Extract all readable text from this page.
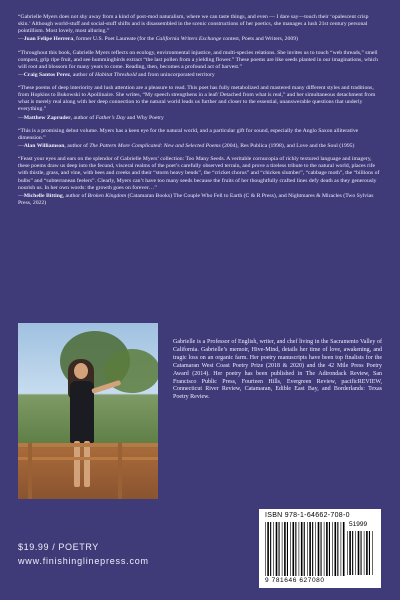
“Gabrielle Myers does not shy away from a kind of post-mod naturalism, where we can taste things, and even — I dare say—touch their ‘opalescent crisp skin.’ Although world-stuff and social-stuff shifts and is disassembled in the scenic constructions of her poetics, she manages a lush 21st century personal pointillism. Most lovely, most alluring.”

—Juan Felipe Herrera, former U.S. Poet Laureate (for the California Writers Exchange contest, Poets and Writers, 2009)

“Throughout this book, Gabrielle Myers reflects on ecology, environmental injustice, and multi-species relations. She invites us to touch “web threads,” smell compost, grip ripe fruit, and see hummingbirds extract “the last pollen from a yielding flower.” These poems are like seeds planted in our imaginations, which will root and blossom for many years to come. Reading, then, becomes a profound act of harvest.”

—Craig Santos Perez, author of Habitat Threshold and from unincorporated territory

“These poems of deep interiority and lush attention are a pleasure to read. This poet has fully metabolized and mastered many different styles and traditions, from Hopkins to Bukowski to Apollinaire. She writes, “My speech strengthens in a leaf/ Detached from what is real,” and her simultaneous detachment from what is merely real along with her deep connection to the natural world leads us further and closer to the essential, unanswerable questions that underly everything.”

—Matthew Zapruder, author of Father’s Day and Why Poetry

“This is a promising debut volume. Myers has a keen eye for the natural world, and a particular gift for sound, especially the Anglo Saxon alliterative dimension.”

—Alan Williamson, author of The Pattern More Complicated: New and Selected Poems (2004), Res Publica (1998), and Love and the Soul (1995)

“Feast your eyes and ears on the splendor of Gabrielle Myers’ collection: Too Many Seeds. A veritable cornucopia of richly textured language and imagery, these poems draw us deep into the fecund, visceral realms of the poet’s carefully observed terrain, and prove a tireless tribute to the natural world, places rife with thistle, grass, and vine, with bees and creeks and their “storm heavy bends”, the “cricket chorus” and “chicken slumber”, “cabbage moth”, the “billions of bulbs” and “subterranean feelers”. Clearly, Myers can’t have too many seeds because the fruits of her thoughtfully crafted lines defy death as they generously nourish us. In her own words: the growth goes on forever…”

—Michelle Bitting, author of Broken Kingdom (Catamaran Books) The Couple Who Fell to Earth (C & R Press), and Nightmares & Miracles (Two Sylvias Press, 2022)

Gabrielle is a Professor of English, writer, and chef living in the Sacramento Valley of California. Gabrielle’s memoir, Hive-Mind, details her time of love, awakening, and tragic loss on an organic farm. Her poetry manuscripts have been top finalists for the Catamaran West Coast Poetry Prize (2018 & 2020) and the 42 Mile Press Poetry Award (2014). Her poetry has been published in The Adirondack Review, San Francisco Public Press, Fourteen Hills, Evergreen Review, pacificREVIEW, Connecticut River Review, Catamaran, Edible East Bay, and Borderlands: Texas Poetry Review.

$19.99 / POETRY
www.finishinglinepress.com
ISBN 978-1-64662-708-0
51999
9 781646 627080
